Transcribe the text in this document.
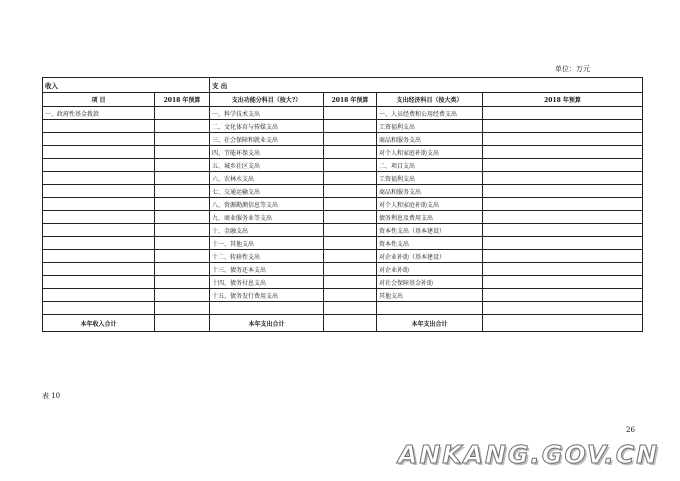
单位：万元
收入		支 出			
项 目	2018 年预算	支出功能分科目（按大?）	2018 年预算	支出经济科目（按大类）	2018 年预算
一、政府性基金拨款		一、科学技术支出		一、人员经费和公用经费支出	
		二、文化体育与传媒支出		工资福利支出	
		三、社会保障和就业支出		商品和服务支出	
		四、节能环保支出		对个人和家庭补助支出	
		五、城乡社区支出		二、项目支出	
		六、农林水支出		工资福利支出	
		七、交通运输支出		商品和服务支出	
		八、资源勘测信息等支出		对个人和家庭补助支出	
		九、商业服务业等支出		债务利息及费用支出	
		十、金融支出		资本性支出（基本建设）	
		十一、其他支出		资本性支出	
		十二、转移性支出		对企业补助（基本建设）	
		十三、债务还本支出		对企业补助	
		十四、债务付息支出		对社会保障基金补助	
		十五、债务发行费用支出		其他支出	

本年收入合计		本年支出合计		本年支出合计	
表 10
26
ANKANG.GOV.CN
